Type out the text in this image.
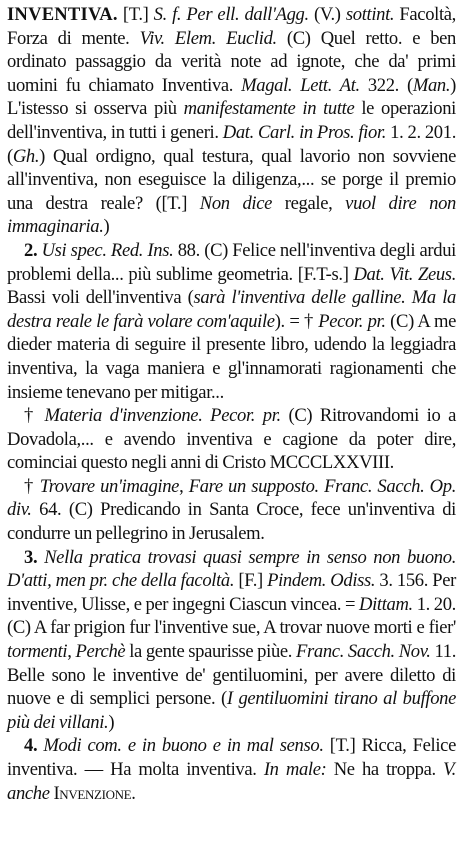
INVENTIVA. [T.] S. f. Per ell. dall'Agg. (V.) sottint. Facoltà, Forza di mente. Viv. Elem. Euclid. (C) Quel retto. e ben ordinato passaggio da verità note ad ignote, che da' primi uomini fu chiamato Inventiva. Magal. Lett. At. 322. (Man.) L'istesso si osserva più manifestamente in tutte le operazioni dell'inventiva, in tutti i generi. Dat. Carl. in Pros. fior. 1. 2. 201. (Gh.) Qual ordigno, qual testura, qual lavorio non sovviene all'inventiva, non eseguisce la diligenza,... se porge il premio una destra reale? ([T.] Non dice regale, vuol dire non immaginaria.)

2. Usi spec. Red. Ins. 88. (C) Felice nell'inventiva degli ardui problemi della... più sublime geometria. [F.T-s.] Dat. Vit. Zeus. Bassi voli dell'inventiva (sarà l'inventiva delle galline. Ma la destra reale le farà volare com'aquile). = † Pecor. pr. (C) A me dieder materia di seguire il presente libro, udendo la leggiadra inventiva, la vaga maniera e gl'innamorati ragionamenti che insieme tenevano per mitigar...

† Materia d'invenzione. Pecor. pr. (C) Ritrovandomi io a Dovadola,... e avendo inventiva e cagione da poter dire, cominciai questo negli anni di Cristo MCCCLXXVIII.

† Trovare un'imagine, Fare un supposto. Franc. Sacch. Op. div. 64. (C) Predicando in Santa Croce, fece un'inventiva di condurre un pellegrino in Jerusalem.

3. Nella pratica trovasi quasi sempre in senso non buono. D'atti, men pr. che della facoltà. [F.] Pindem. Odiss. 3. 156. Per inventive, Ulisse, e per ingegni Ciascun vincea. = Dittam. 1. 20. (C) A far prigion fur l'inventive sue, A trovar nuove morti e fier' tormenti, Perchè la gente spaurisse piùe. Franc. Sacch. Nov. 11. Belle sono le inventive de' gentiluomini, per avere diletto di nuove e di semplici persone. (I gentiluomini tirano al buffone più dei villani.)

4. Modi com. e in buono e in mal senso. [T.] Ricca, Felice inventiva. — Ha molta inventiva. In male: Ne ha troppa. V. anche Invenzione.
